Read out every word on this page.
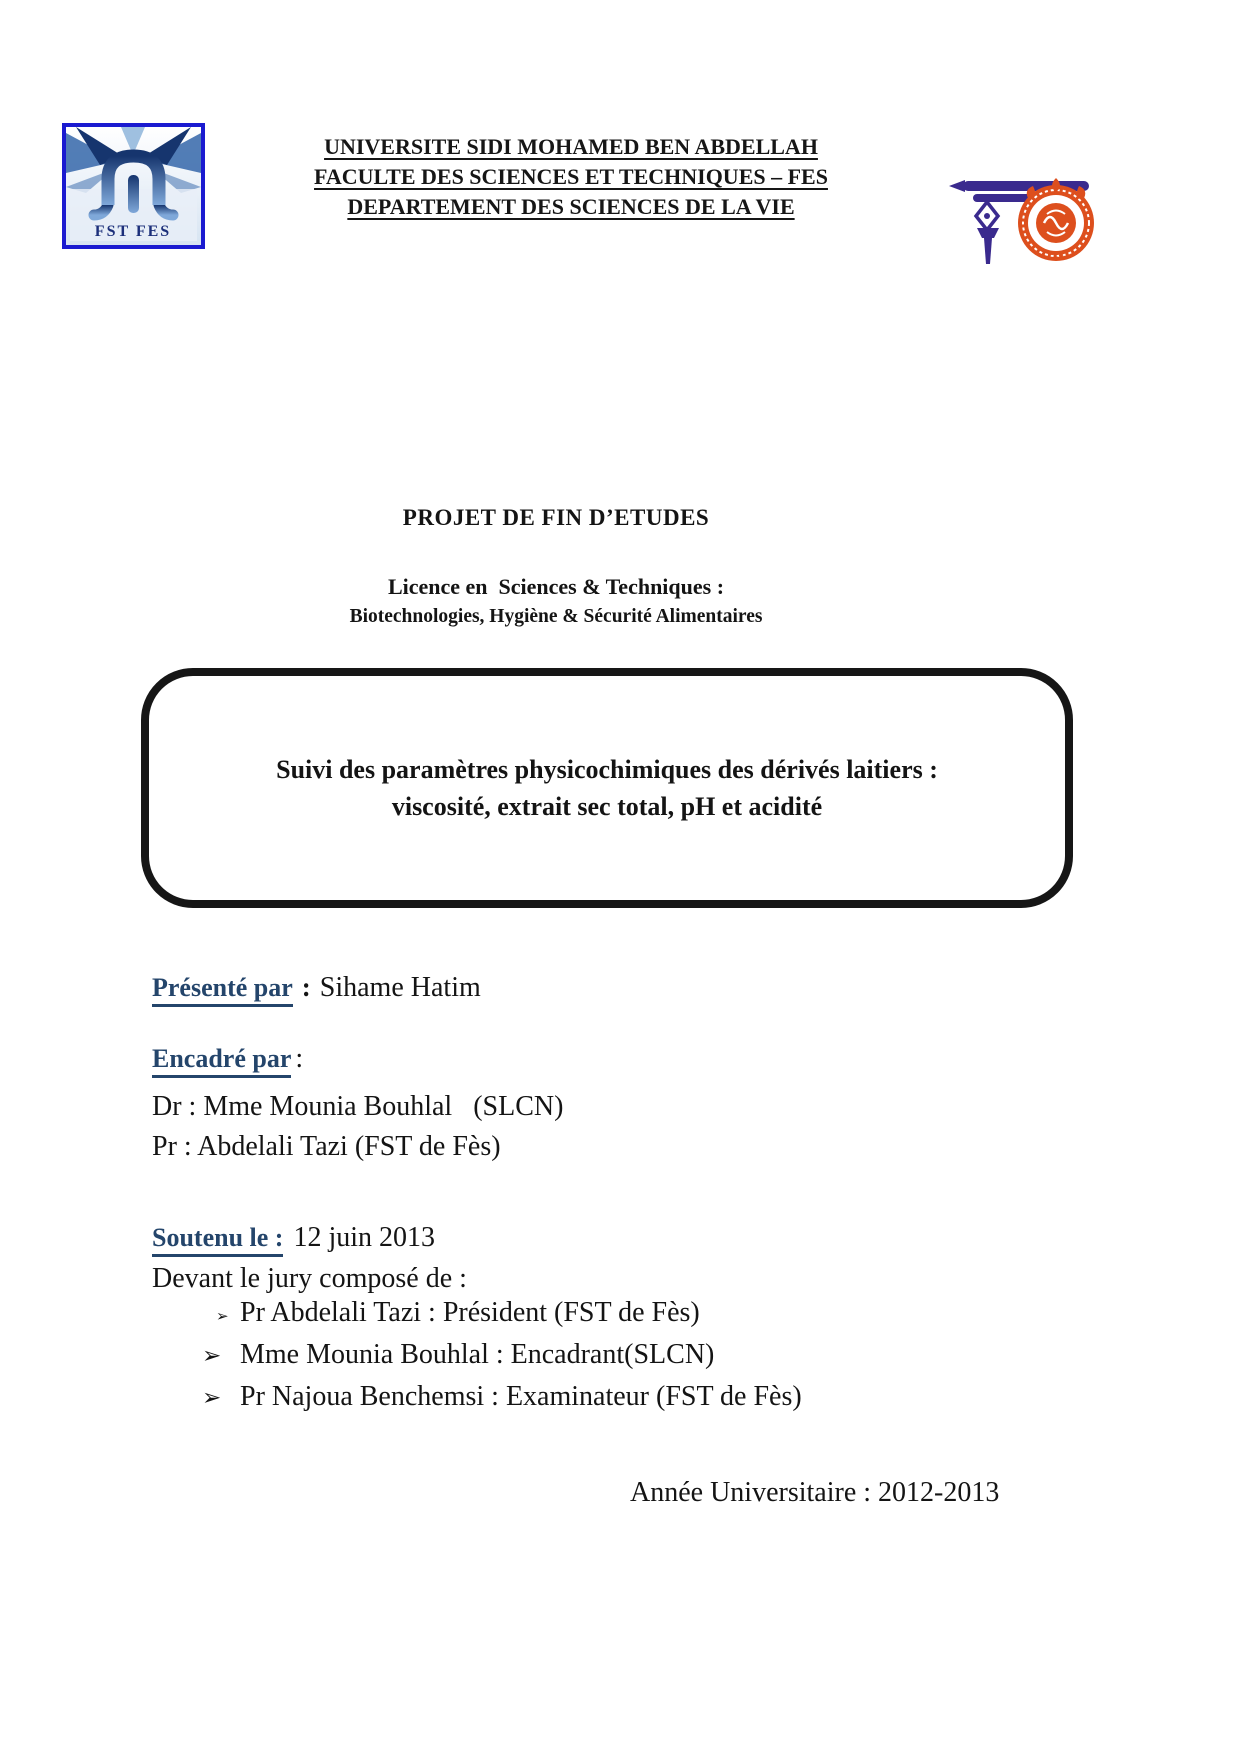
FST FES
UNIVERSITE SIDI MOHAMED BEN ABDELLAH
FACULTE DES SCIENCES ET TECHNIQUES – FES
DEPARTEMENT DES SCIENCES DE LA VIE
FES
PROJET DE FIN D’ETUDES
Licence en  Sciences & Techniques :
Biotechnologies, Hygiène & Sécurité Alimentaires
Suivi des paramètres physicochimiques des dérivés laitiers :
viscosité, extrait sec total, pH et acidité
Présenté par : Sihame Hatim
Encadré par :
Dr : Mme Mounia Bouhlal   (SLCN)
Pr : Abdelali Tazi (FST de Fès)
Soutenu le : 12 juin 2013
Devant le jury composé de :
➢ Pr Abdelali Tazi : Président (FST de Fès)
➢ Mme Mounia Bouhlal : Encadrant(SLCN)
➢ Pr Najoua Benchemsi : Examinateur (FST de Fès)
Année Universitaire : 2012-2013
